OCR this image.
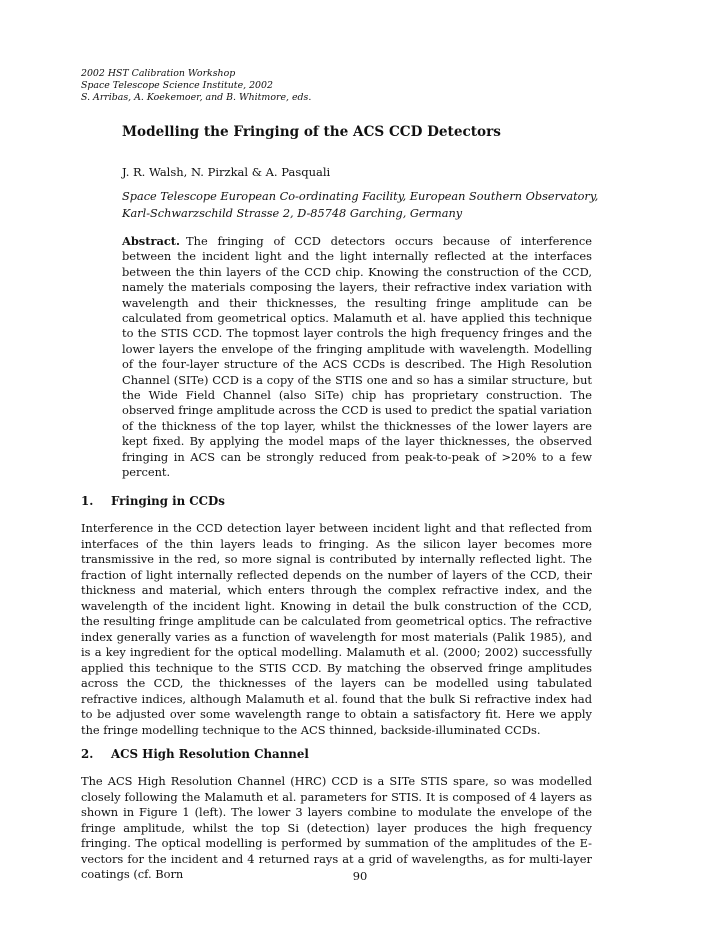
2002 HST Calibration Workshop
Space Telescope Science Institute, 2002
S. Arribas, A. Koekemoer, and B. Whitmore, eds.
Modelling the Fringing of the ACS CCD Detectors
J. R. Walsh, N. Pirzkal & A. Pasquali
Space Telescope European Co-ordinating Facility, European Southern Observatory,
Karl-Schwarzschild Strasse 2, D-85748 Garching, Germany
Abstract. The fringing of CCD detectors occurs because of interference between the incident light and the light internally reflected at the interfaces between the thin layers of the CCD chip. Knowing the construction of the CCD, namely the materials composing the layers, their refractive index variation with wavelength and their thicknesses, the resulting fringe amplitude can be calculated from geometrical optics. Malamuth et al. have applied this technique to the STIS CCD. The topmost layer controls the high frequency fringes and the lower layers the envelope of the fringing amplitude with wavelength. Modelling of the four-layer structure of the ACS CCDs is described. The High Resolution Channel (SITe) CCD is a copy of the STIS one and so has a similar structure, but the Wide Field Channel (also SiTe) chip has proprietary construction. The observed fringe amplitude across the CCD is used to predict the spatial variation of the thickness of the top layer, whilst the thicknesses of the lower layers are kept fixed. By applying the model maps of the layer thicknesses, the observed fringing in ACS can be strongly reduced from peak-to-peak of >20% to a few percent.
1. Fringing in CCDs
Interference in the CCD detection layer between incident light and that reflected from interfaces of the thin layers leads to fringing. As the silicon layer becomes more transmissive in the red, so more signal is contributed by internally reflected light. The fraction of light internally reflected depends on the number of layers of the CCD, their thickness and material, which enters through the complex refractive index, and the wavelength of the incident light. Knowing in detail the bulk construction of the CCD, the resulting fringe amplitude can be calculated from geometrical optics. The refractive index generally varies as a function of wavelength for most materials (Palik 1985), and is a key ingredient for the optical modelling. Malamuth et al. (2000; 2002) successfully applied this technique to the STIS CCD. By matching the observed fringe amplitudes across the CCD, the thicknesses of the layers can be modelled using tabulated refractive indices, although Malamuth et al. found that the bulk Si refractive index had to be adjusted over some wavelength range to obtain a satisfactory fit. Here we apply the fringe modelling technique to the ACS thinned, backside-illuminated CCDs.
2. ACS High Resolution Channel
The ACS High Resolution Channel (HRC) CCD is a SITe STIS spare, so was modelled closely following the Malamuth et al. parameters for STIS. It is composed of 4 layers as shown in Figure 1 (left). The lower 3 layers combine to modulate the envelope of the fringe amplitude, whilst the top Si (detection) layer produces the high frequency fringing. The optical modelling is performed by summation of the amplitudes of the E-vectors for the incident and 4 returned rays at a grid of wavelengths, as for multi-layer coatings (cf. Born	90
